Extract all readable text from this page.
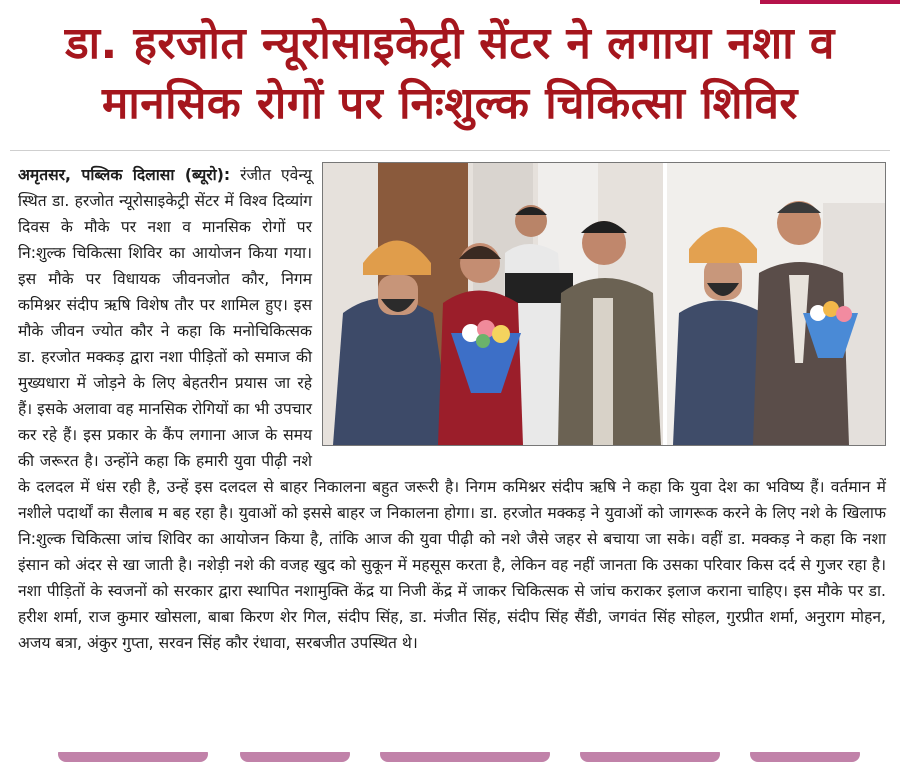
डा. हरजोत न्यूरोसाइकेट्री सेंटर ने लगाया नशा व मानसिक रोगों पर निःशुल्क चिकित्सा शिविर

अमृतसर, पब्लिक दिलासा (ब्यूरो): रंजीत एवेन्यू स्थित डा. हरजोत न्यूरोसाइकेट्री सेंटर में विश्व दिव्यांग दिवस के मौके पर नशा व मानसिक रोगों पर नि:शुल्क चिकित्सा शिविर का आयोजन किया गया। इस मौके पर विधायक जीवनजोत कौर, निगम कमिश्नर संदीप ऋषि विशेष तौर पर शामिल हुए। इस मौके जीवन ज्योत कौर ने कहा कि मनोचिकित्सक डा. हरजोत मक्कड़ द्वारा नशा पीड़ितों को समाज की मुख्यधारा में जोड़ने के लिए बेहतरीन प्रयास जा रहे हैं। इसके अलावा वह मानसिक रोगियों का भी उपचार कर रहे हैं। इस प्रकार के कैंप लगाना आज के समय की जरूरत है। उन्होंने कहा कि हमारी युवा पीढ़ी नशे के दलदल में धंस रही है, उन्हें इस दलदल से बाहर निकालना बहुत जरूरी है। निगम कमिश्नर संदीप ऋषि ने कहा कि युवा देश का भविष्य हैं। वर्तमान में नशीले पदार्थों का सैलाब म बह रहा है। युवाओं को इससे बाहर ज निकालना होगा। डा. हरजोत मक्कड़ ने युवाओं को जागरूक करने के लिए नशे के खिलाफ नि:शुल्क चिकित्सा जांच शिविर का आयोजन किया है, तांकि आज की युवा पीढ़ी को नशे जैसे जहर से बचाया जा सके। वहीं डा. मक्कड़ ने कहा कि नशा इंसान को अंदर से खा जाती है। नशेड़ी नशे की वजह खुद को सुकून में महसूस करता है, लेकिन वह नहीं जानता कि उसका परिवार किस दर्द से गुजर रहा है। नशा पीड़ितों के स्वजनों को सरकार द्वारा स्थापित नशामुक्ति केंद्र या निजी केंद्र में जाकर चिकित्सक से जांच कराकर इलाज कराना चाहिए। इस मौके पर डा. हरीश शर्मा, राज कुमार खोसला, बाबा किरण शेर गिल, संदीप सिंह, डा. मंजीत सिंह, संदीप सिंह सैंडी, जगवंत सिंह सोहल, गुरप्रीत शर्मा, अनुराग मोहन, अजय बत्रा, अंकुर गुप्ता, सरवन सिंह कौर रंधावा, सरबजीत उपस्थित थे।
